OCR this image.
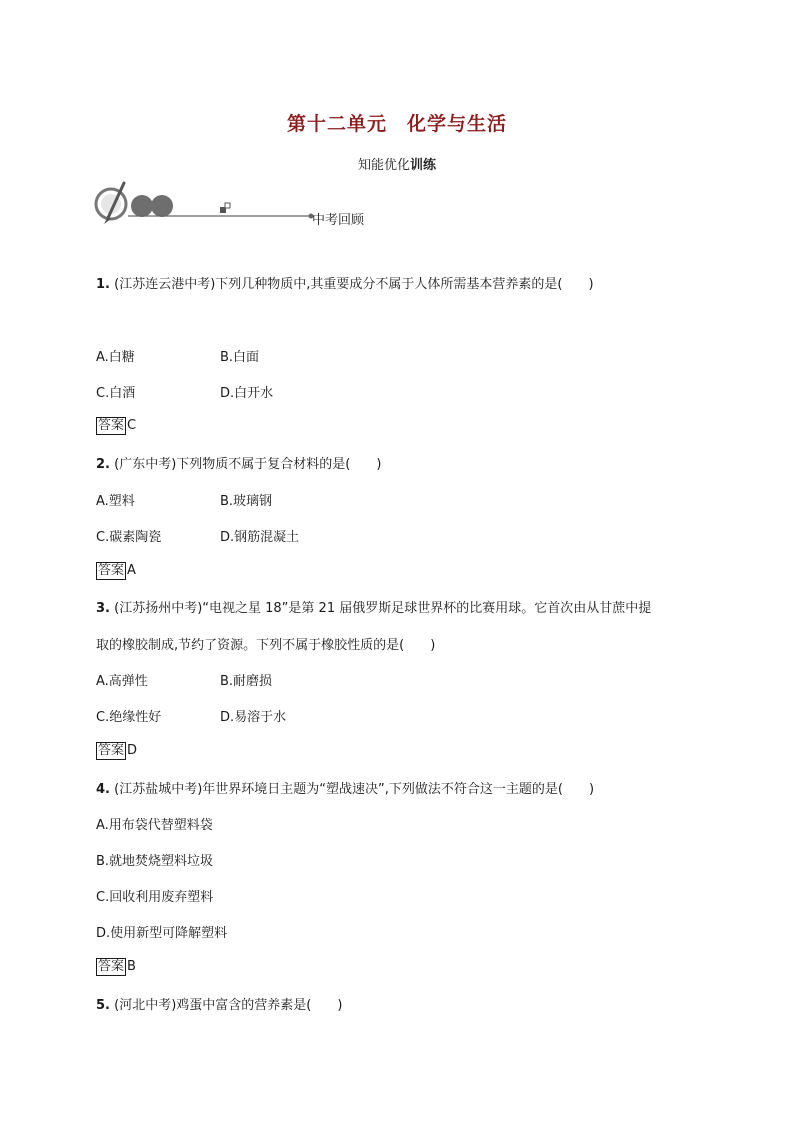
第十二单元　化学与生活
知能优化训练
中考回顾
1. (江苏连云港中考)下列几种物质中,其重要成分不属于人体所需基本营养素的是(　　)
A.白糖	B.白面
C.白酒	D.白开水
答案 C
2. (广东中考)下列物质不属于复合材料的是(　　)
A.塑料	B.玻璃钢
C.碳素陶瓷	D.钢筋混凝土
答案 A
3. (江苏扬州中考)“电视之星 18”是第 21 届俄罗斯足球世界杯的比赛用球。它首次由从甘蔗中提
取的橡胶制成,节约了资源。下列不属于橡胶性质的是(　　)
A.高弹性	B.耐磨损
C.绝缘性好	D.易溶于水
答案 D
4. (江苏盐城中考)年世界环境日主题为“塑战速决”,下列做法不符合这一主题的是(　　)
A.用布袋代替塑料袋
B.就地焚烧塑料垃圾
C.回收利用废弃塑料
D.使用新型可降解塑料
答案 B
5. (河北中考)鸡蛋中富含的营养素是(　　)
